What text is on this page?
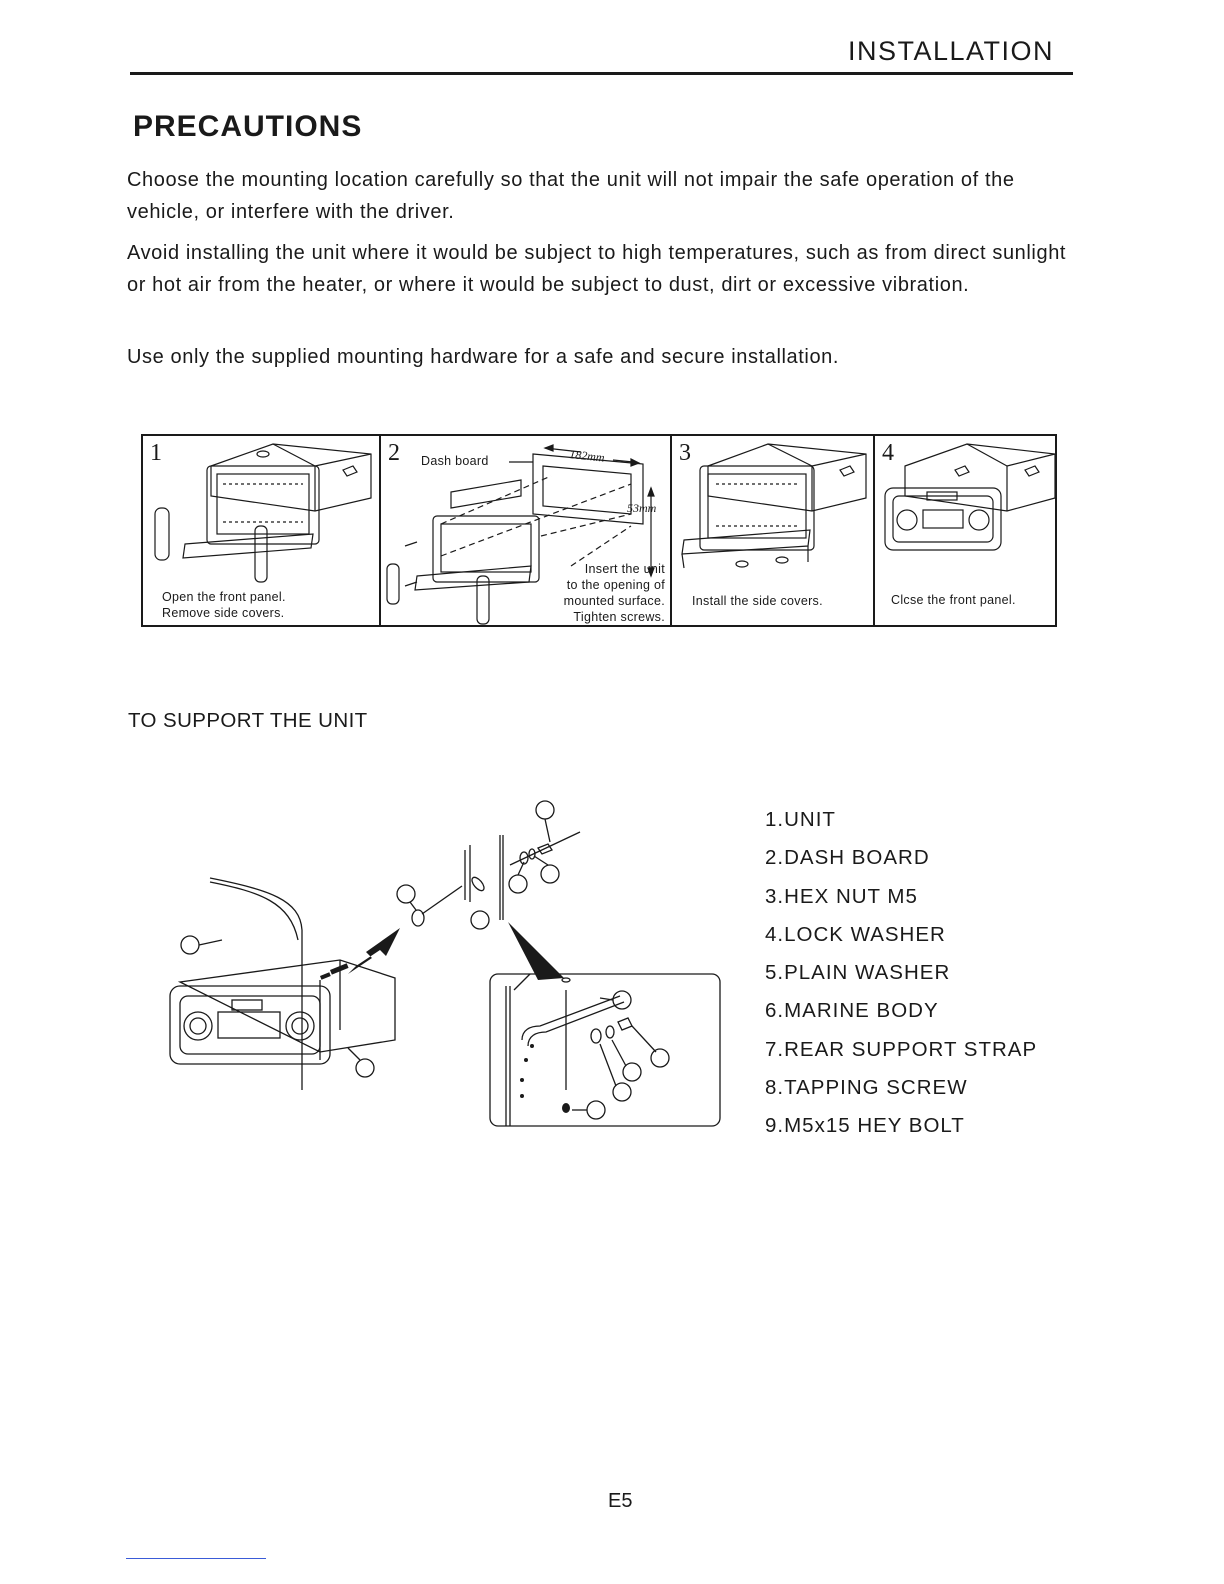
INSTALLATION
PRECAUTIONS

Choose the mounting location carefully so that the unit will not impair the safe operation of the vehicle, or interfere with the driver.

Avoid installing the unit where it would be subject to high temperatures, such as from direct sunlight or hot air from the heater, or where it would be subject to dust, dirt or excessive vibration.

Use only the supplied mounting hardware for a safe and secure installation.

1
Open the front panel.
Remove side covers.
182mm
53mm
2 Dash board
Insert the unit
to the opening of
mounted surface.
Tighten screws.
3
Install the side covers.
4
Clcse the front panel.
TO SUPPORT THE UNIT
1.UNIT
2.DASH BOARD
3.HEX NUT M5
4.LOCK WASHER
5.PLAIN WASHER
6.MARINE BODY
7.REAR SUPPORT STRAP
8.TAPPING SCREW
9.M5x15 HEY BOLT
E5
